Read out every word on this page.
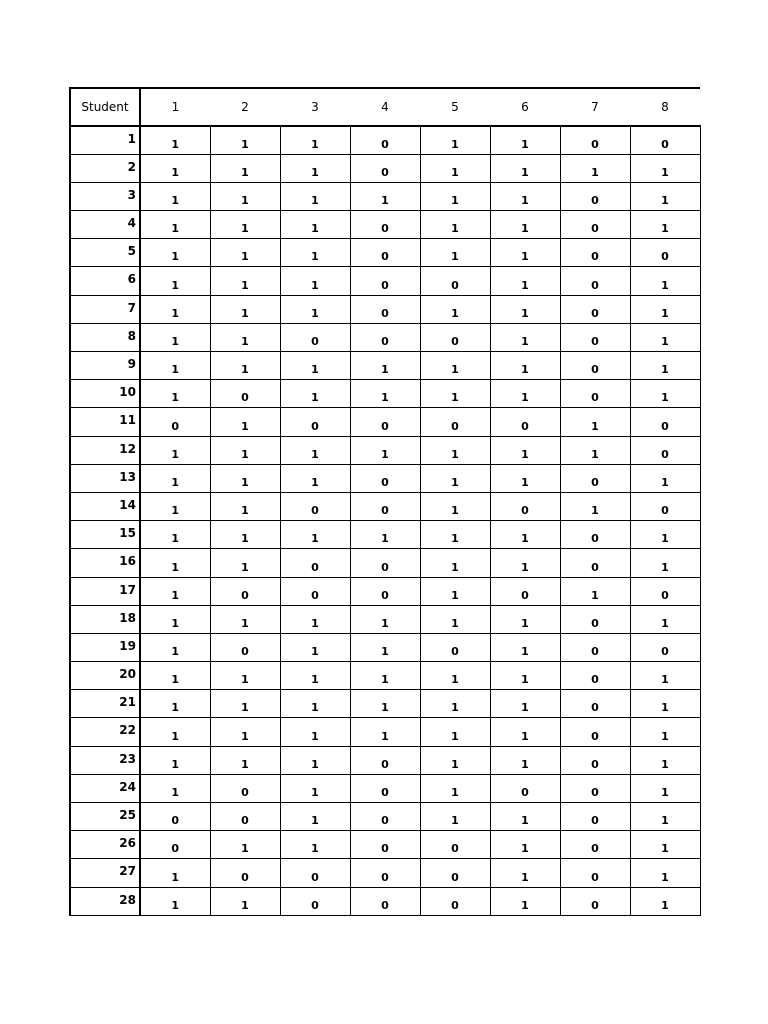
Student	1	2	3	4	5	6	7	8
1	1	1	1	0	1	1	0	0
2	1	1	1	0	1	1	1	1
3	1	1	1	1	1	1	0	1
4	1	1	1	0	1	1	0	1
5	1	1	1	0	1	1	0	0
6	1	1	1	0	0	1	0	1
7	1	1	1	0	1	1	0	1
8	1	1	0	0	0	1	0	1
9	1	1	1	1	1	1	0	1
10	1	0	1	1	1	1	0	1
11	0	1	0	0	0	0	1	0
12	1	1	1	1	1	1	1	0
13	1	1	1	0	1	1	0	1
14	1	1	0	0	1	0	1	0
15	1	1	1	1	1	1	0	1
16	1	1	0	0	1	1	0	1
17	1	0	0	0	1	0	1	0
18	1	1	1	1	1	1	0	1
19	1	0	1	1	0	1	0	0
20	1	1	1	1	1	1	0	1
21	1	1	1	1	1	1	0	1
22	1	1	1	1	1	1	0	1
23	1	1	1	0	1	1	0	1
24	1	0	1	0	1	0	0	1
25	0	0	1	0	1	1	0	1
26	0	1	1	0	0	1	0	1
27	1	0	0	0	0	1	0	1
28	1	1	0	0	0	1	0	1
